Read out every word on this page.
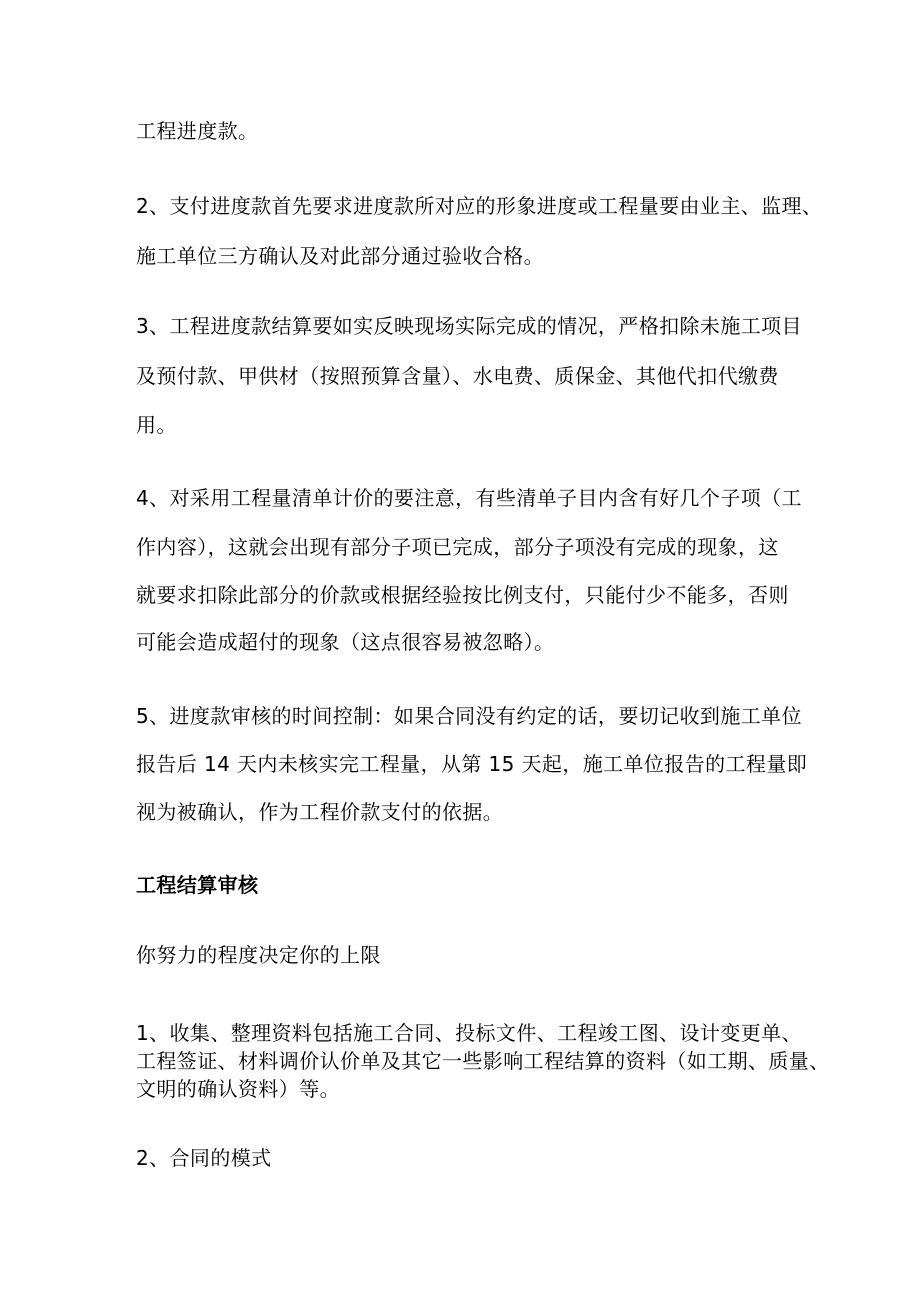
工程进度款。
2、支付进度款首先要求进度款所对应的形象进度或工程量要由业主、监理、
施工单位三方确认及对此部分通过验收合格。
3、工程进度款结算要如实反映现场实际完成的情况，严格扣除未施工项目
及预付款、甲供材（按照预算含量）、水电费、质保金、其他代扣代缴费
用。
4、对采用工程量清单计价的要注意，有些清单子目内含有好几个子项（工
作内容），这就会出现有部分子项已完成，部分子项没有完成的现象，这
就要求扣除此部分的价款或根据经验按比例支付，只能付少不能多，否则
可能会造成超付的现象（这点很容易被忽略）。
5、进度款审核的时间控制：如果合同没有约定的话，要切记收到施工单位
报告后 14 天内未核实完工程量，从第 15 天起，施工单位报告的工程量即
视为被确认，作为工程价款支付的依据。
工程结算审核
你努力的程度决定你的上限
1、收集、整理资料包括施工合同、投标文件、工程竣工图、设计变更单、
工程签证、材料调价认价单及其它一些影响工程结算的资料（如工期、质量、
文明的确认资料）等。
2、合同的模式
